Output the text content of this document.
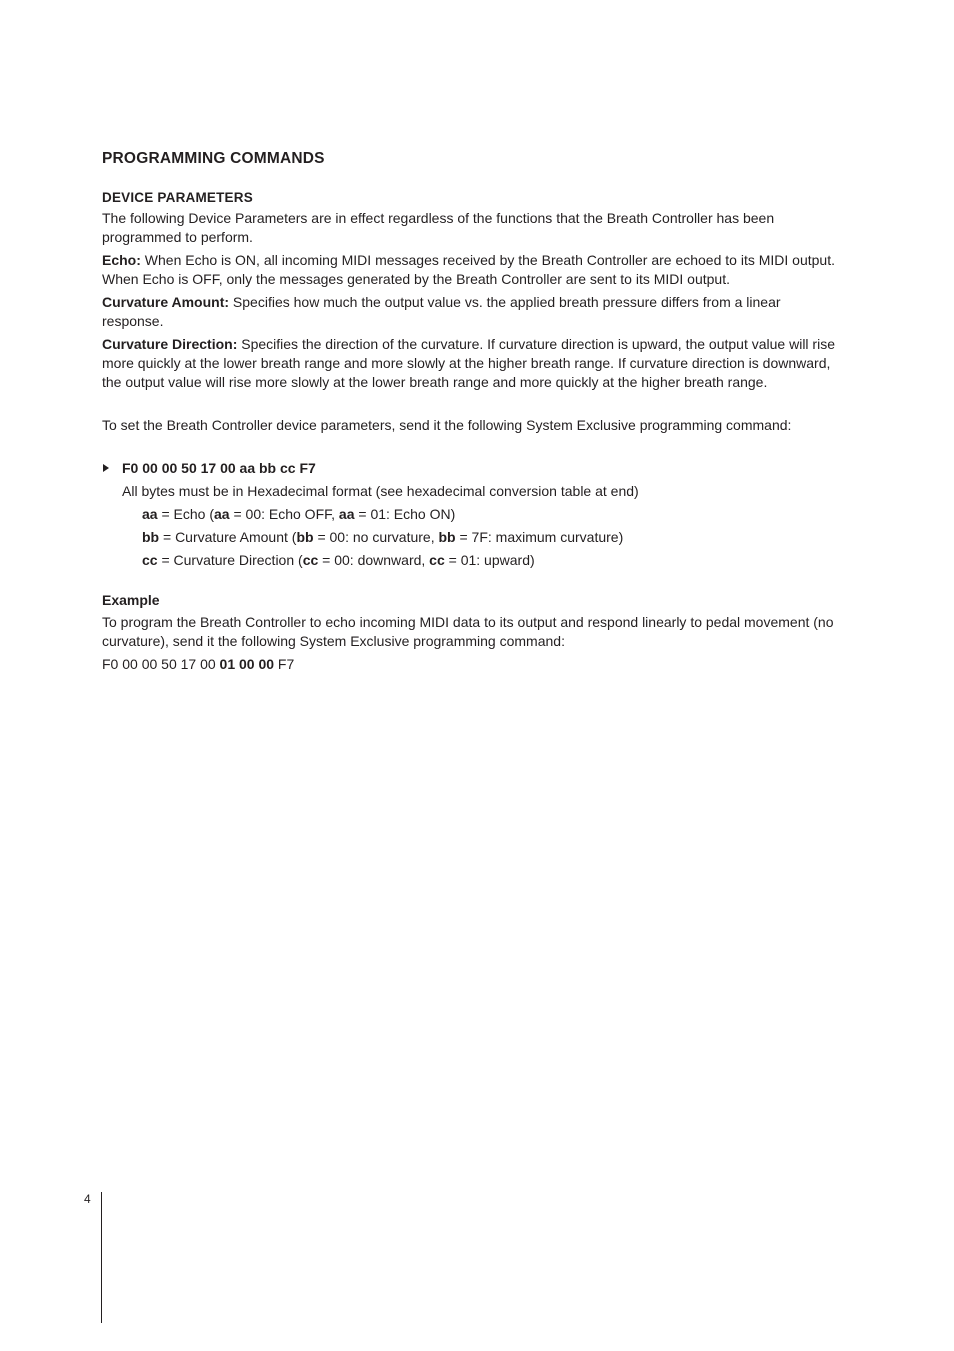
PROGRAMMING COMMANDS
DEVICE PARAMETERS

The following Device Parameters are in effect regardless of the functions that the Breath Controller has been programmed to perform.

Echo: When Echo is ON, all incoming MIDI messages received by the Breath Controller are echoed to its MIDI output. When Echo is OFF, only the messages generated by the Breath Controller are sent to its MIDI output.

Curvature Amount: Specifies how much the output value vs. the applied breath pressure differs from a linear response.

Curvature Direction: Specifies the direction of the curvature. If curvature direction is upward, the output value will rise more quickly at the lower breath range and more slowly at the higher breath range. If curvature direction is downward, the output value will rise more slowly at the lower breath range and more quickly at the higher breath range.

To set the Breath Controller device parameters, send it the following System Exclusive programming command:

F0 00 00 50 17 00 aa bb cc F7

All bytes must be in Hexadecimal format (see hexadecimal conversion table at end)

aa = Echo (aa = 00: Echo OFF, aa = 01: Echo ON)

bb = Curvature Amount (bb = 00: no curvature, bb = 7F: maximum curvature)

cc = Curvature Direction (cc = 00: downward, cc = 01: upward)

Example

To program the Breath Controller to echo incoming MIDI data to its output and respond linearly to pedal movement (no curvature), send it the following System Exclusive programming command:

F0 00 00 50 17 00 01 00 00 F7

4
